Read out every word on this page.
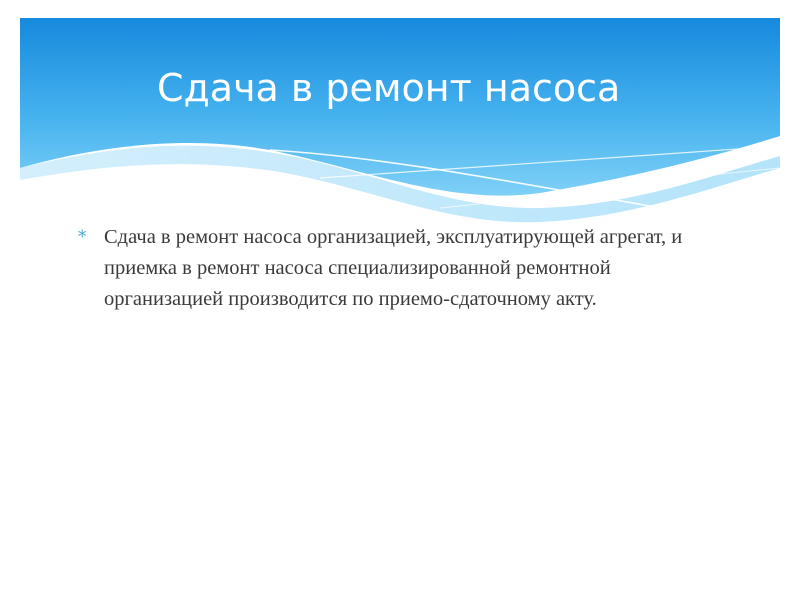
Сдача в ремонт насоса
* Сдача в ремонт насоса организацией, эксплуатирующей агрегат, и приемка в ремонт насоса специализированной ремонтной организацией производится по приемо-сдаточному акту.
